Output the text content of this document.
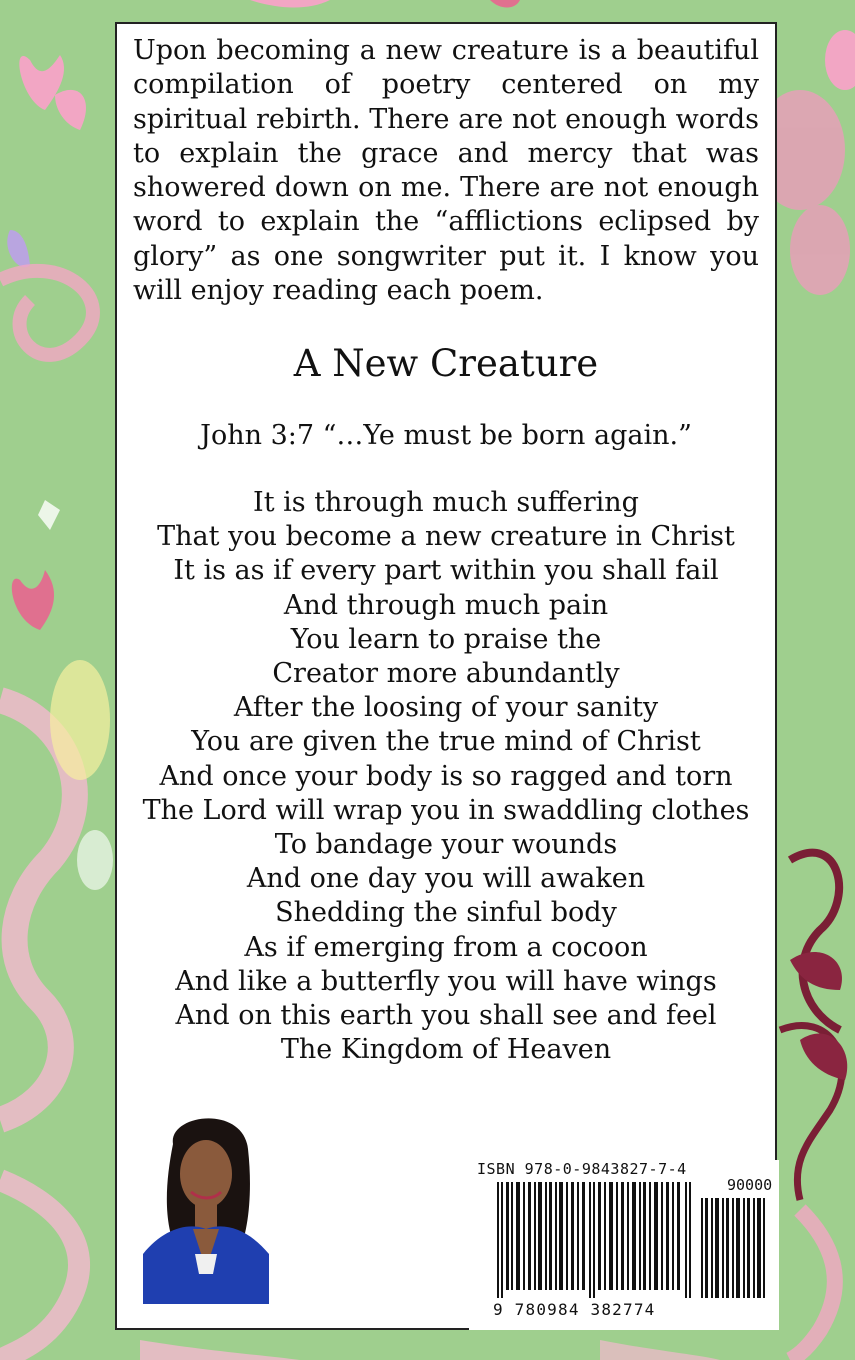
Upon becoming a new creature is a beautiful compilation of poetry centered on my spiritual rebirth. There are not enough words to explain the grace and mercy that was showered down on me. There are not enough word to explain the “afflictions eclipsed by glory” as one songwriter put it. I know you will enjoy reading each poem.

A New Creature
John 3:7 “…Ye must be born again.”
It is through much suffering
That you become a new creature in Christ
It is as if every part within you shall fail
And through much pain
You learn to praise the
Creator more abundantly
After the loosing of your sanity
You are given the true mind of Christ
And once your body is so ragged and torn
The Lord will wrap you in swaddling clothes
To bandage your wounds
And one day you will awaken
Shedding the sinful body
As if emerging from a cocoon
And like a butterfly you will have wings
And on this earth you shall see and feel
The Kingdom of Heaven
ISBN 978-0-9843827-7-4
90000
9 780984 382774
